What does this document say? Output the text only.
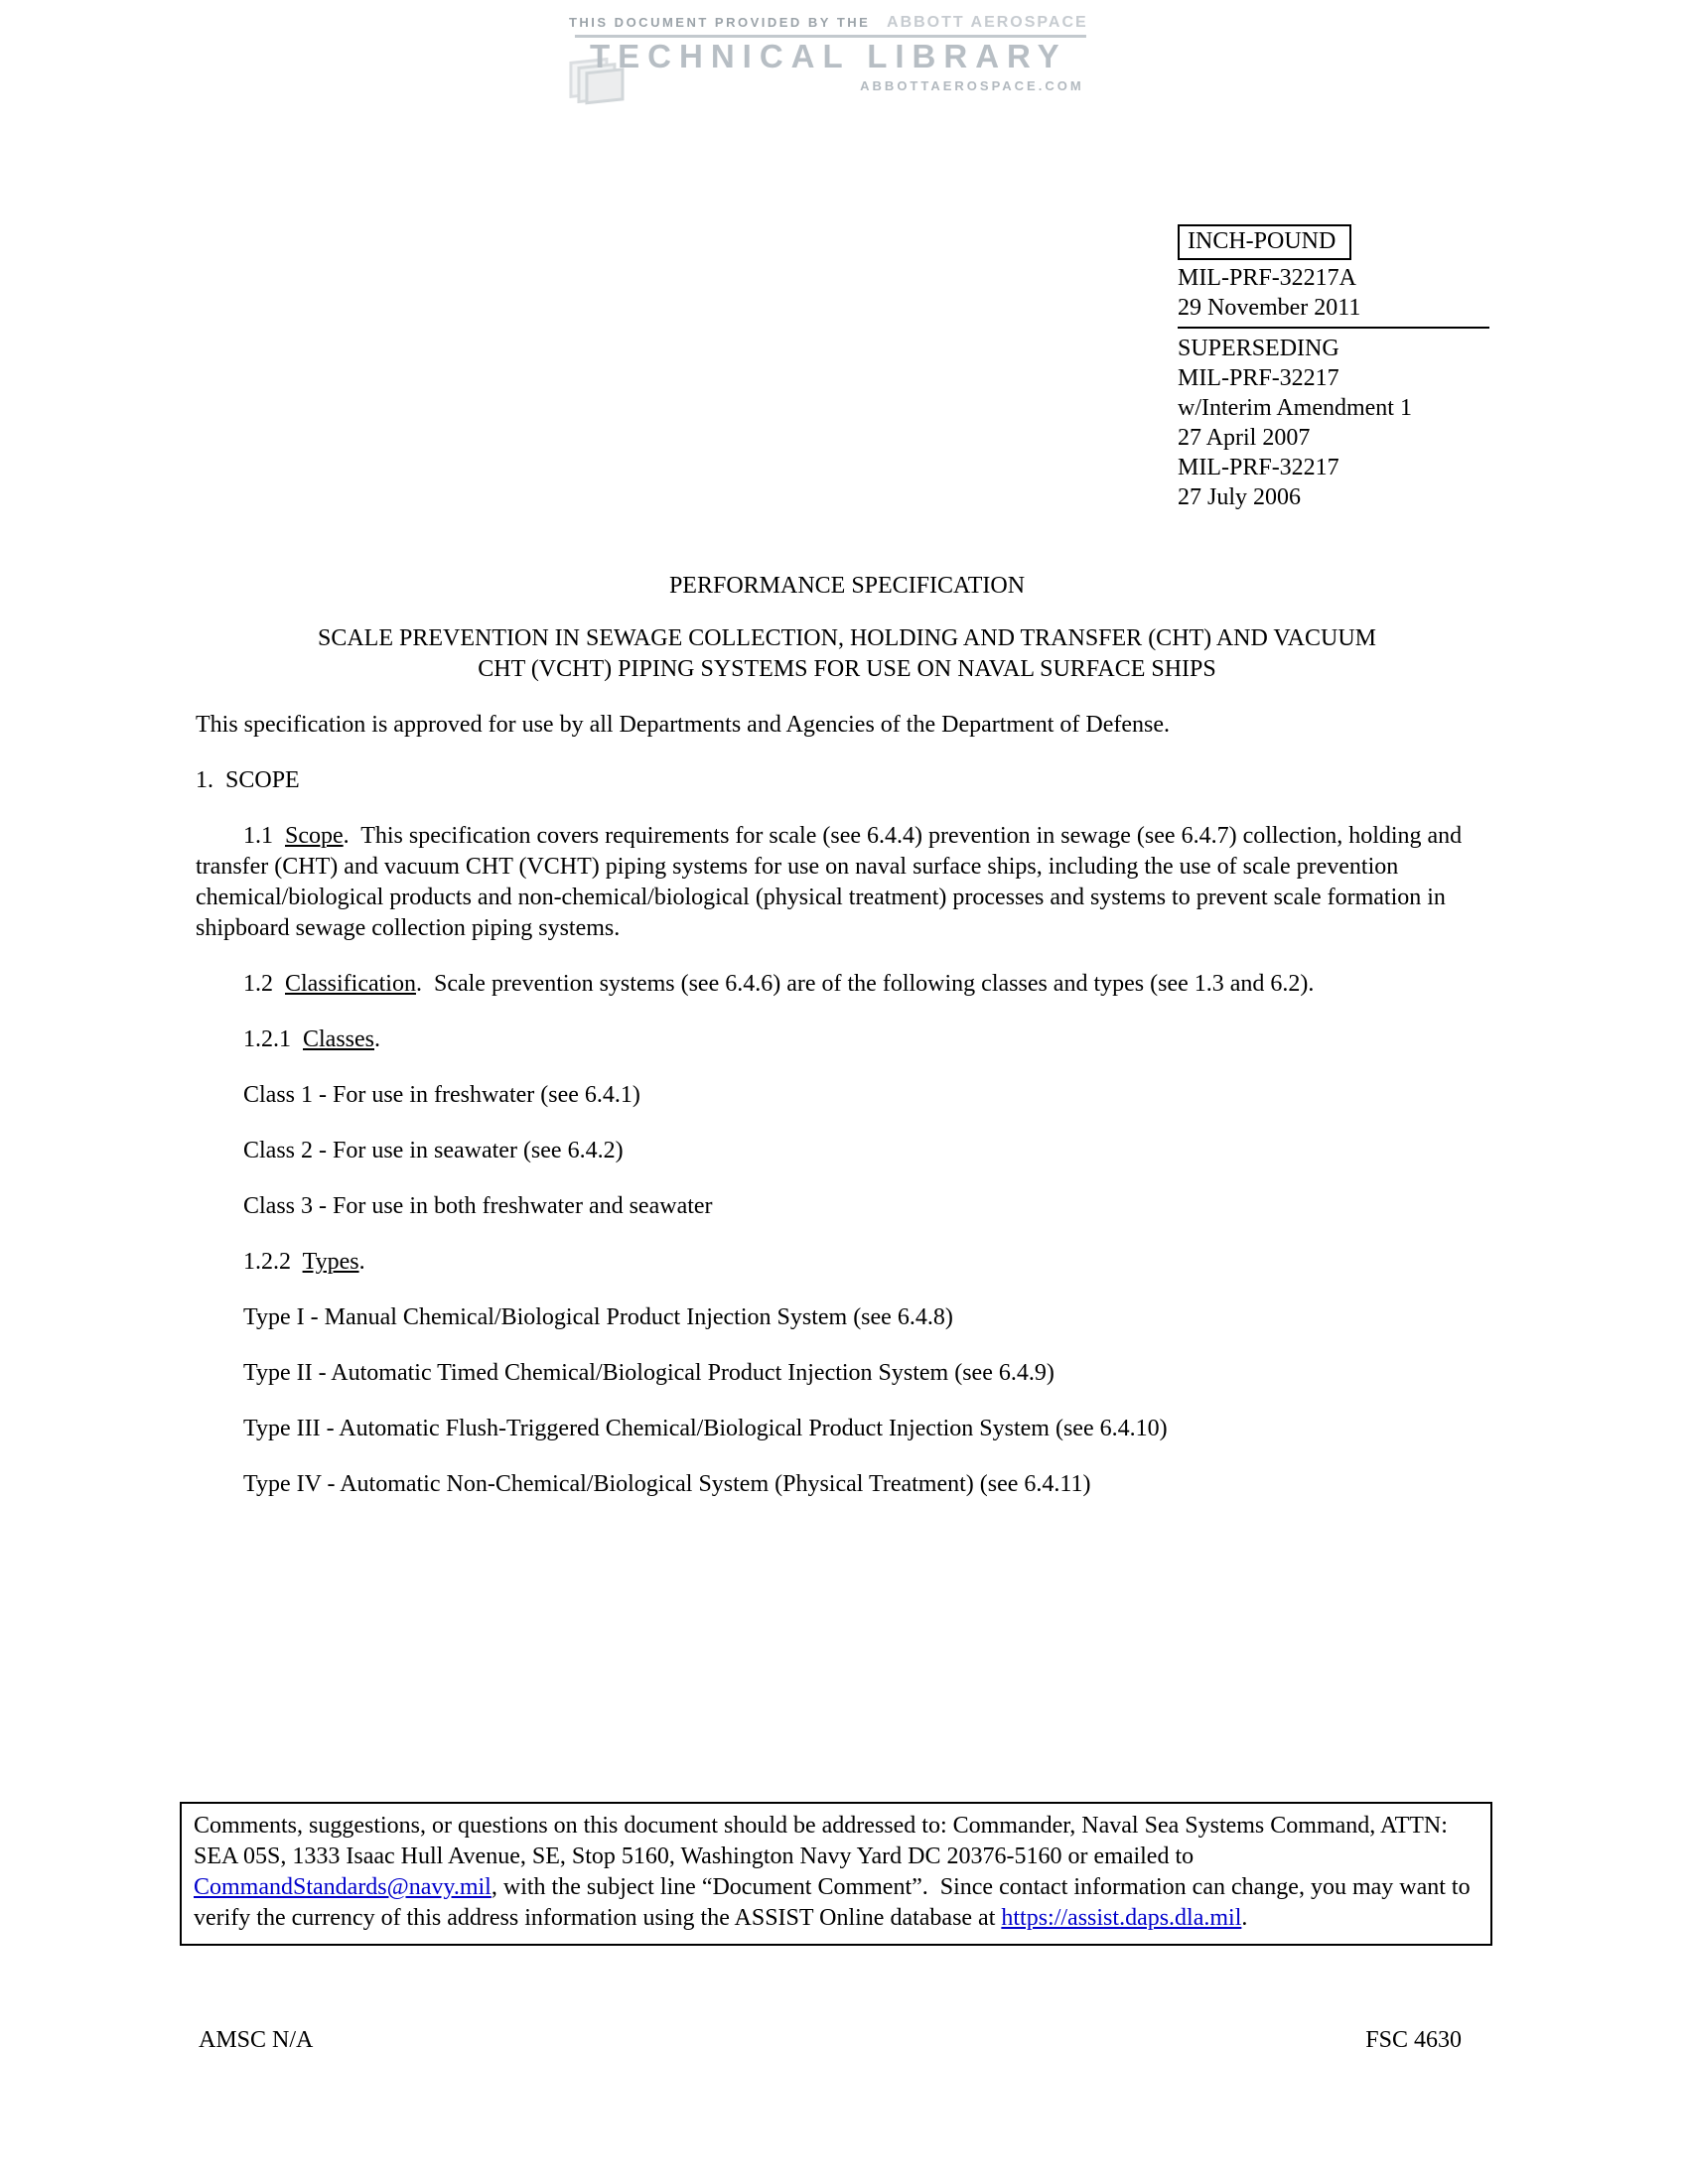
THIS DOCUMENT PROVIDED BY THE ABBOTT AEROSPACE
TECHNICAL LIBRARY
ABBOTTAEROSPACE.COM
INCH-POUND
MIL-PRF-32217A
29 November 2011
SUPERSEDING
MIL-PRF-32217
w/Interim Amendment 1
27 April 2007
MIL-PRF-32217
27 July 2006
PERFORMANCE SPECIFICATION
SCALE PREVENTION IN SEWAGE COLLECTION, HOLDING AND TRANSFER (CHT) AND VACUUM
CHT (VCHT) PIPING SYSTEMS FOR USE ON NAVAL SURFACE SHIPS

This specification is approved for use by all Departments and Agencies of the Department of Defense.

1.  SCOPE

1.1  Scope.  This specification covers requirements for scale (see 6.4.4) prevention in sewage (see 6.4.7) collection, holding and transfer (CHT) and vacuum CHT (VCHT) piping systems for use on naval surface ships, including the use of scale prevention chemical/biological products and non-chemical/biological (physical treatment) processes and systems to prevent scale formation in shipboard sewage collection piping systems.

1.2  Classification.  Scale prevention systems (see 6.4.6) are of the following classes and types (see 1.3 and 6.2).

1.2.1  Classes.

Class 1 - For use in freshwater (see 6.4.1)

Class 2 - For use in seawater (see 6.4.2)

Class 3 - For use in both freshwater and seawater

1.2.2  Types.

Type I - Manual Chemical/Biological Product Injection System (see 6.4.8)

Type II - Automatic Timed Chemical/Biological Product Injection System (see 6.4.9)

Type III - Automatic Flush-Triggered Chemical/Biological Product Injection System (see 6.4.10)

Type IV - Automatic Non-Chemical/Biological System (Physical Treatment) (see 6.4.11)

Comments, suggestions, or questions on this document should be addressed to: Commander, Naval Sea Systems Command, ATTN:  SEA 05S, 1333 Isaac Hull Avenue, SE, Stop 5160, Washington Navy Yard DC 20376-5160 or emailed to CommandStandards@navy.mil, with the subject line “Document Comment”.  Since contact information can change, you may want to verify the currency of this address information using the ASSIST Online database at https://assist.daps.dla.mil.
AMSC N/A	FSC 4630
